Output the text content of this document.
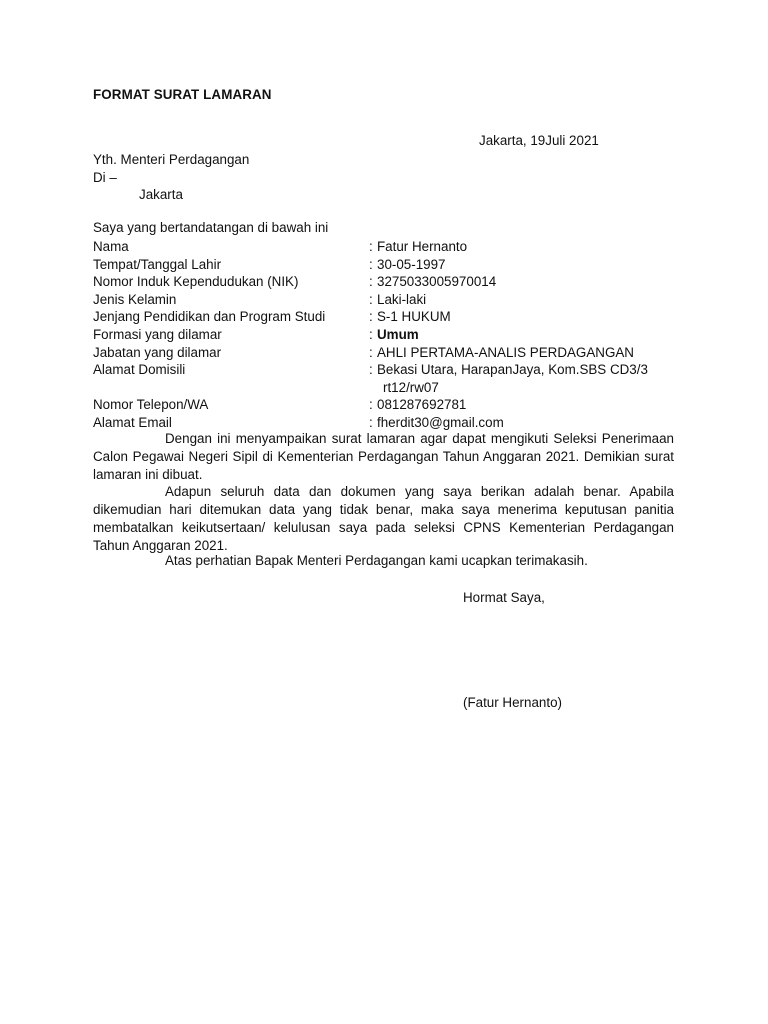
FORMAT SURAT LAMARAN
Jakarta, 19Juli 2021
Yth. Menteri Perdagangan
Di –
Jakarta
Saya yang bertandatangan di bawah ini
Nama	: Fatur Hernanto
Tempat/Tanggal Lahir	: 30-05-1997
Nomor Induk Kependudukan (NIK)	: 3275033005970014
Jenis Kelamin	: Laki-laki
Jenjang Pendidikan dan Program Studi	: S-1 HUKUM
Formasi yang dilamar	: Umum
Jabatan yang dilamar	: AHLI PERTAMA-ANALIS PERDAGANGAN
Alamat Domisili	: Bekasi Utara, HarapanJaya, Kom.SBS CD3/3
rt12/rw07
Nomor Telepon/WA	: 081287692781
Alamat Email	: fherdit30@gmail.com

Dengan ini menyampaikan surat lamaran agar dapat mengikuti Seleksi Penerimaan Calon Pegawai Negeri Sipil di Kementerian Perdagangan Tahun Anggaran 2021. Demikian surat lamaran ini dibuat.

Adapun seluruh data dan dokumen yang saya berikan adalah benar. Apabila dikemudian hari ditemukan data yang tidak benar, maka saya menerima keputusan panitia membatalkan keikutsertaan/ kelulusan saya pada seleksi CPNS Kementerian Perdagangan Tahun Anggaran 2021.

Atas perhatian Bapak Menteri Perdagangan kami ucapkan terimakasih.

Hormat Saya,
(Fatur Hernanto)
